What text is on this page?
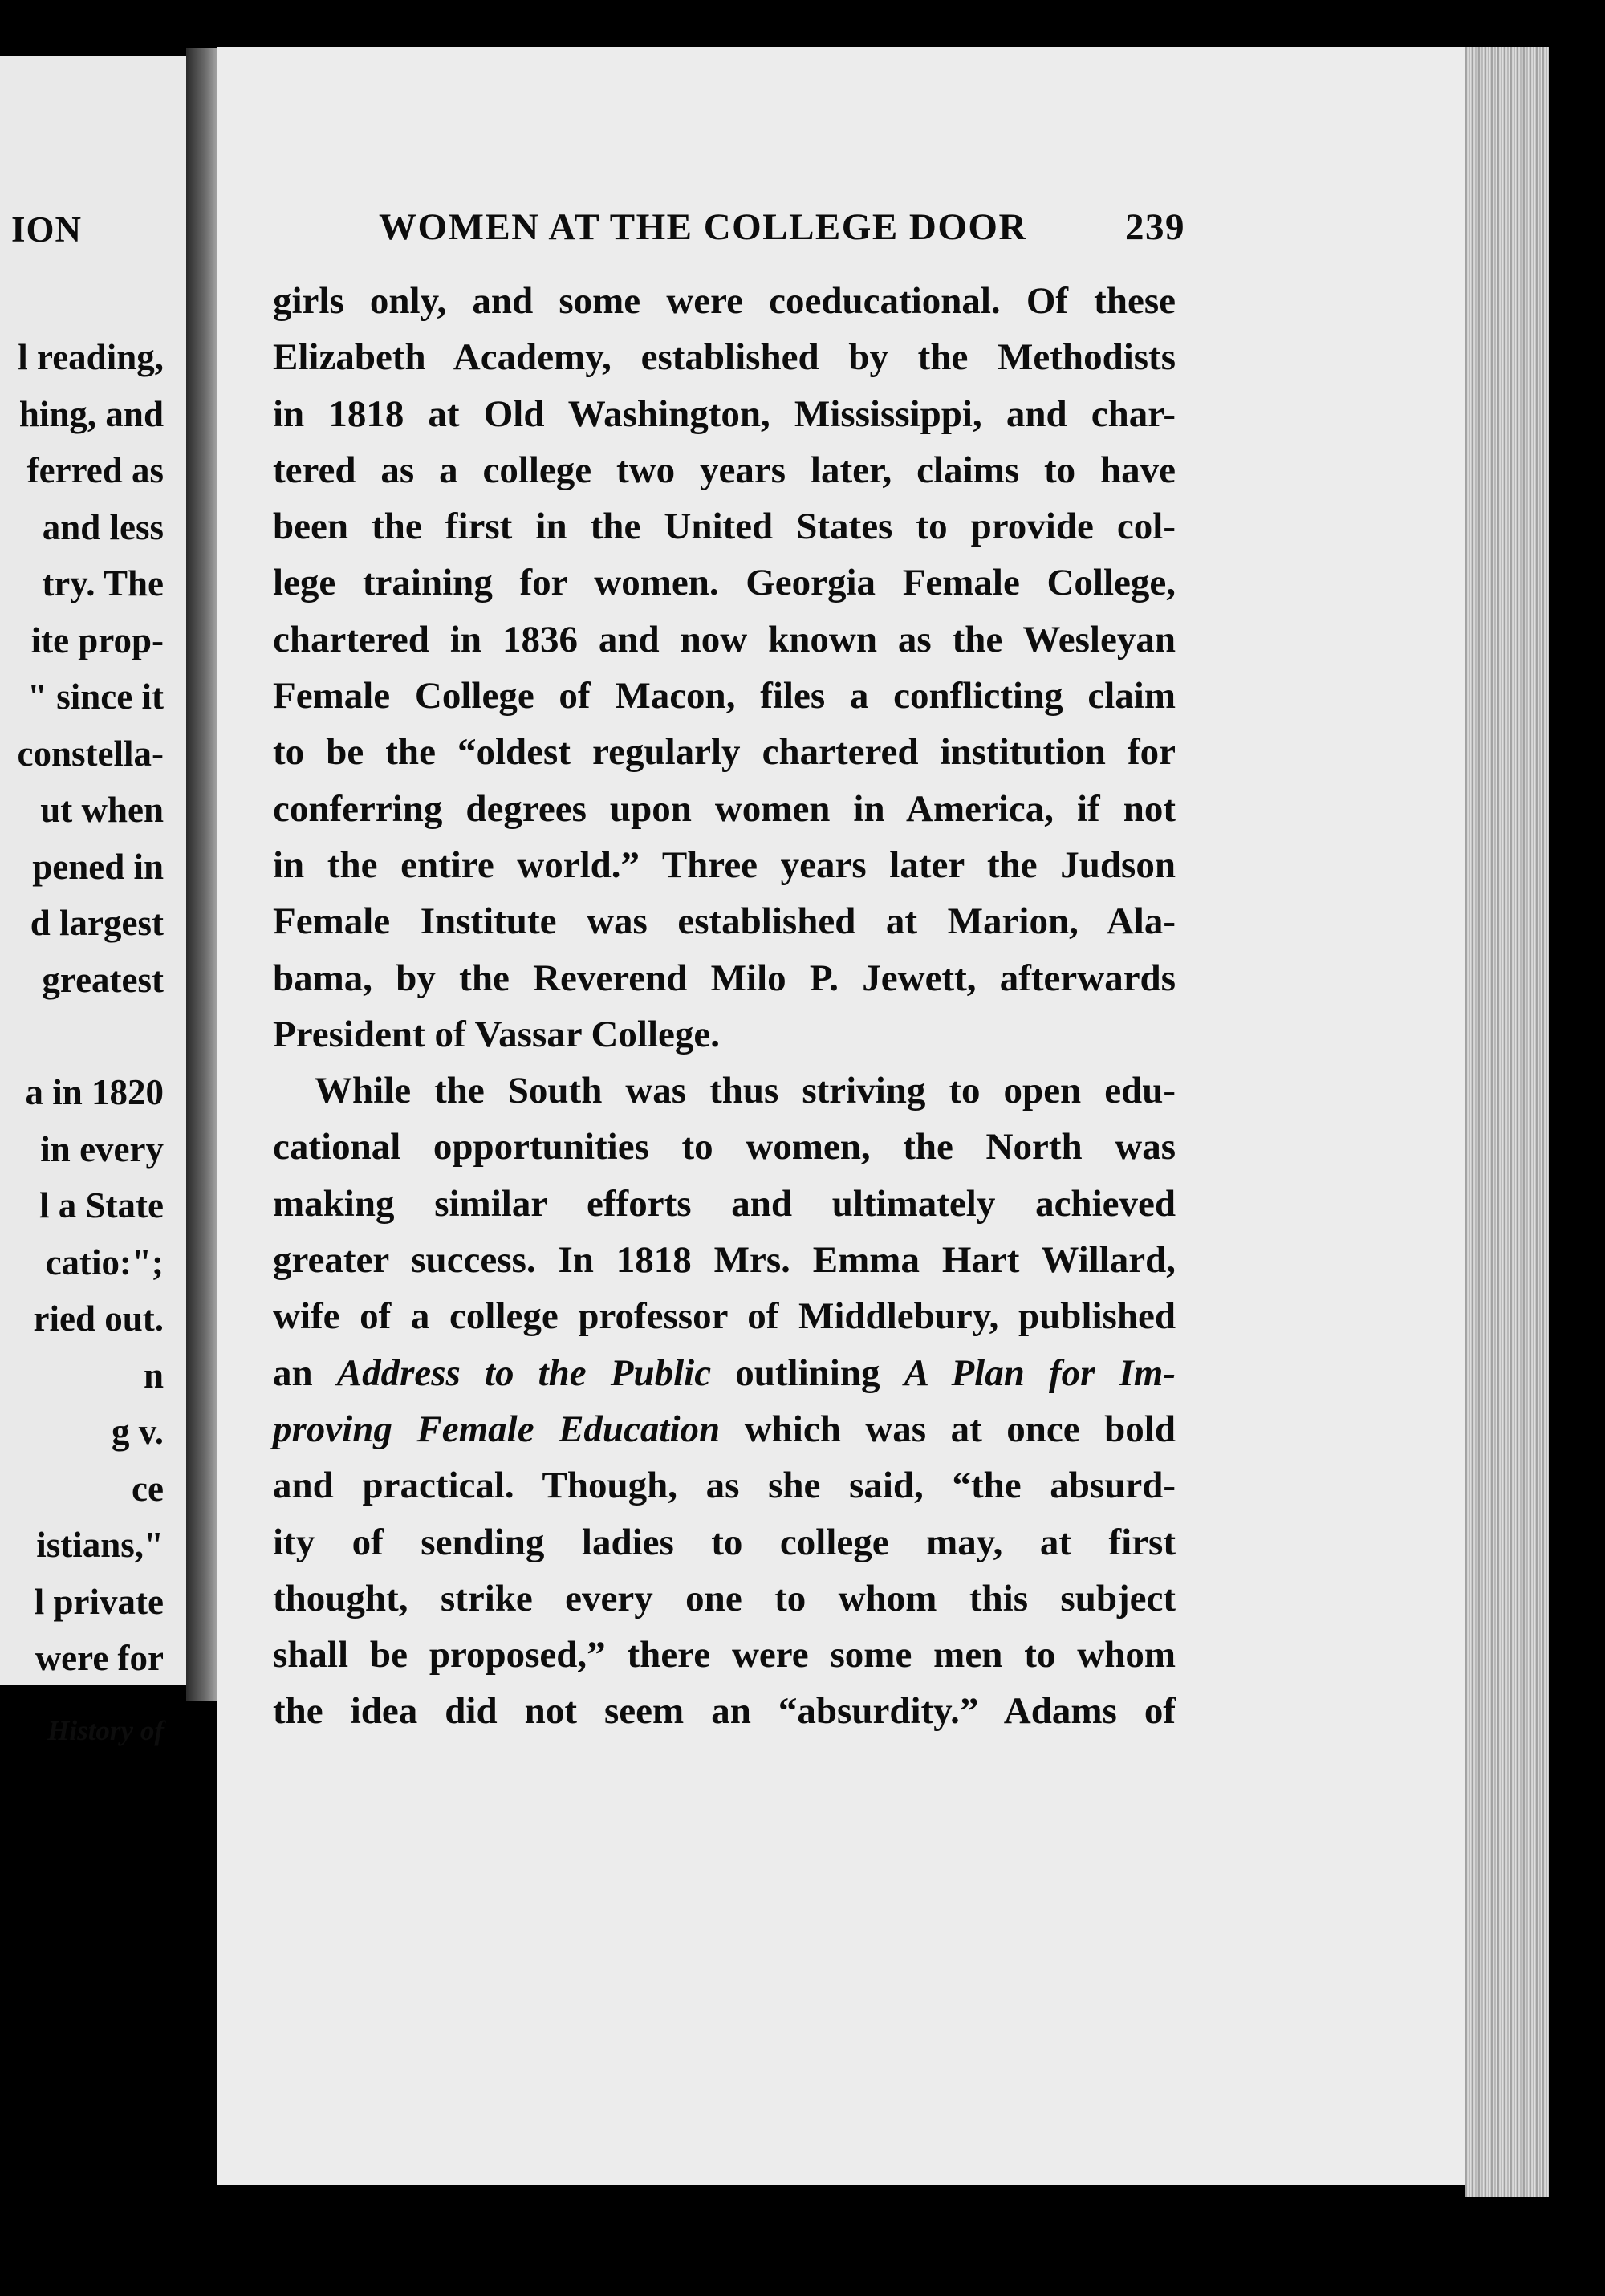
ION
l reading,
hing, and
ferred as
and less
try. The
ite prop-
" since it
constella-
ut when
pened in
d largest
greatest
a in 1820
in every
l a State
catio:";
ried out.
n
g v.
ce
istians,"
l private
were for
History of
WOMEN AT THE COLLEGE DOOR	239
girls only, and some were coeducational. Of these
Elizabeth Academy, established by the Methodists
in 1818 at Old Washington, Mississippi, and char-
tered as a college two years later, claims to have
been the first in the United States to provide col-
lege training for women. Georgia Female College,
chartered in 1836 and now known as the Wesleyan
Female College of Macon, files a conflicting claim
to be the “oldest regularly chartered institution for
conferring degrees upon women in America, if not
in the entire world.” Three years later the Judson
Female Institute was established at Marion, Ala-
bama, by the Reverend Milo P. Jewett, afterwards
President of Vassar College.
While the South was thus striving to open edu-
cational opportunities to women, the North was
making similar efforts and ultimately achieved
greater success. In 1818 Mrs. Emma Hart Willard,
wife of a college professor of Middlebury, published
an Address to the Public outlining A Plan for Im-
proving Female Education which was at once bold
and practical. Though, as she said, “the absurd-
ity of sending ladies to college may, at first
thought, strike every one to whom this subject
shall be proposed,” there were some men to whom
the idea did not seem an “absurdity.” Adams of
